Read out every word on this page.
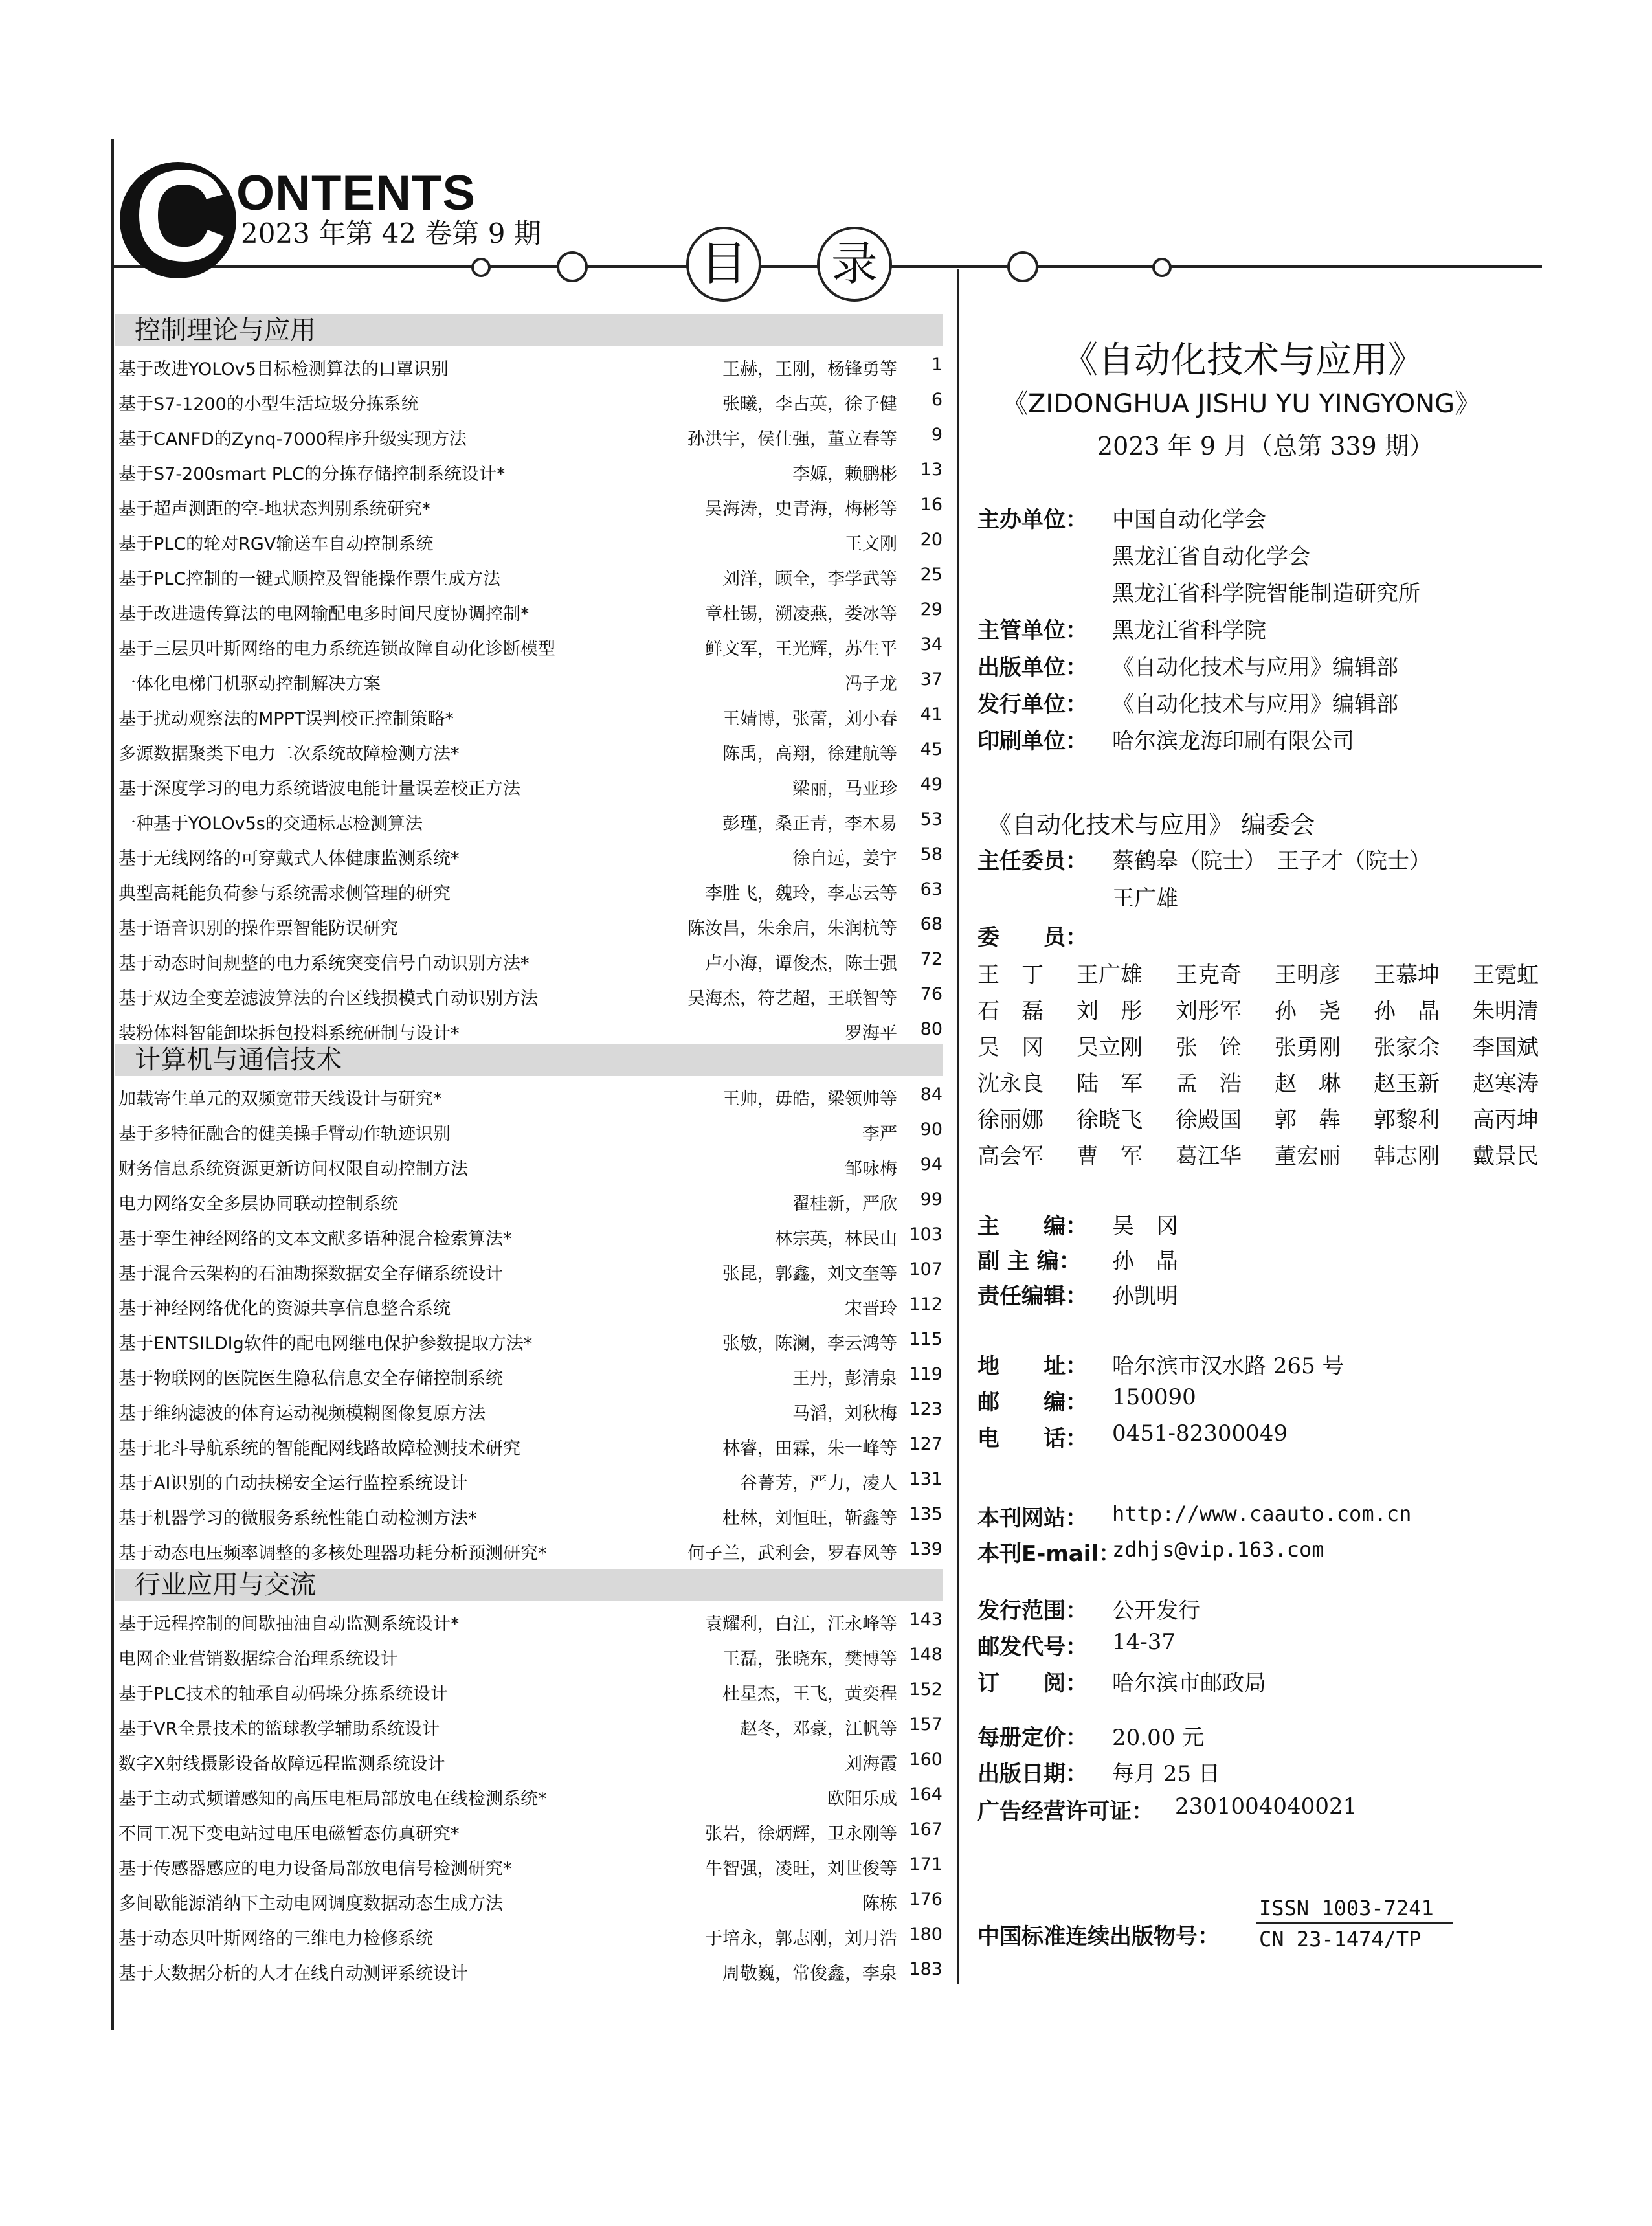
C ONTENTS
2023 年第 42 卷第 9 期
目	录
控制理论与应用
基于改进YOLOv5目标检测算法的口罩识别	王赫，王刚，杨锋勇等	1
基于S7-1200的小型生活垃圾分拣系统	张曦，李占英，徐子健	6
基于CANFD的Zynq-7000程序升级实现方法	孙洪宇，侯仕强，董立春等	9
基于S7-200smart PLC的分拣存储控制系统设计*	李嫄，赖鹏彬	13
基于超声测距的空-地状态判别系统研究*	吴海涛，史青海，梅彬等	16
基于PLC的轮对RGV输送车自动控制系统	王文刚	20
基于PLC控制的一键式顺控及智能操作票生成方法	刘洋，顾全，李学武等	25
基于改进遗传算法的电网输配电多时间尺度协调控制*	章杜锡，溯凌燕，娄冰等	29
基于三层贝叶斯网络的电力系统连锁故障自动化诊断模型	鲜文军，王光辉，苏生平	34
一体化电梯门机驱动控制解决方案	冯子龙	37
基于扰动观察法的MPPT误判校正控制策略*	王婧博，张蕾，刘小春	41
多源数据聚类下电力二次系统故障检测方法*	陈禹，高翔，徐建航等	45
基于深度学习的电力系统谐波电能计量误差校正方法	梁丽，马亚珍	49
一种基于YOLOv5s的交通标志检测算法	彭瑾，桑正青，李木易	53
基于无线网络的可穿戴式人体健康监测系统*	徐自远，姜宇	58
典型高耗能负荷参与系统需求侧管理的研究	李胜飞，魏玲，李志云等	63
基于语音识别的操作票智能防误研究	陈汝昌，朱余启，朱润杭等	68
基于动态时间规整的电力系统突变信号自动识别方法*	卢小海，谭俊杰，陈士强	72
基于双边全变差滤波算法的台区线损模式自动识别方法	吴海杰，符艺超，王联智等	76
装粉体料智能卸垛拆包投料系统研制与设计*	罗海平	80
计算机与通信技术
加载寄生单元的双频宽带天线设计与研究*	王帅，毋皓，梁领帅等	84
基于多特征融合的健美操手臂动作轨迹识别	李严	90
财务信息系统资源更新访问权限自动控制方法	邹咏梅	94
电力网络安全多层协同联动控制系统	翟桂新，严欣	99
基于孪生神经网络的文本文献多语种混合检索算法*	林宗英，林民山 103
基于混合云架构的石油勘探数据安全存储系统设计	张昆，郭鑫，刘文奎等 107
基于神经网络优化的资源共享信息整合系统	宋晋玲 112
基于ENTSILDIg软件的配电网继电保护参数提取方法*	张敏，陈澜，李云鸿等 115
基于物联网的医院医生隐私信息安全存储控制系统	王丹，彭清泉 119
基于维纳滤波的体育运动视频模糊图像复原方法	马滔，刘秋梅 123
基于北斗导航系统的智能配网线路故障检测技术研究	林睿，田霖，朱一峰等 127
基于AI识别的自动扶梯安全运行监控系统设计	谷菁芳，严力，凌人 131
基于机器学习的微服务系统性能自动检测方法*	杜林，刘恒旺，靳鑫等 135
基于动态电压频率调整的多核处理器功耗分析预测研究*	何子兰，武利会，罗春风等 139
行业应用与交流
基于远程控制的间歇抽油自动监测系统设计*	袁耀利，白江，汪永峰等 143
电网企业营销数据综合治理系统设计	王磊，张晓东，樊博等 148
基于PLC技术的轴承自动码垛分拣系统设计	杜星杰，王飞，黄奕程 152
基于VR全景技术的篮球教学辅助系统设计	赵冬，邓豪，江帆等 157
数字X射线摄影设备故障远程监测系统设计	刘海霞 160
基于主动式频谱感知的高压电柜局部放电在线检测系统*	欧阳乐成 164
不同工况下变电站过电压电磁暂态仿真研究*	张岩，徐炳辉，卫永刚等 167
基于传感器感应的电力设备局部放电信号检测研究*	牛智强，凌旺，刘世俊等 171
多间歇能源消纳下主动电网调度数据动态生成方法	陈栋 176
基于动态贝叶斯网络的三维电力检修系统	于培永，郭志刚，刘月浩 180
基于大数据分析的人才在线自动测评系统设计	周敬巍，常俊鑫，李泉 183
《自动化技术与应用》
《ZIDONGHUA JISHU YU YINGYONG》
2023 年 9 月（总第 339 期）
主办单位： 中国自动化学会
黑龙江省自动化学会
黑龙江省科学院智能制造研究所
主管单位： 黑龙江省科学院
出版单位： 《自动化技术与应用》编辑部
发行单位： 《自动化技术与应用》编辑部
印刷单位： 哈尔滨龙海印刷有限公司
《自动化技术与应用》 编委会
主任委员： 蔡鹤皋（院士）　王子才（院士）
王广雄
委　　员：
王　丁 王广雄 王克奇 王明彦 王慕坤 王霓虹
石　磊 刘　彤 刘彤军 孙　尧 孙　晶 朱明清
吴　冈 吴立刚 张　铨 张勇刚 张家余 李国斌
沈永良 陆　军 孟　浩 赵　琳 赵玉新 赵寒涛
徐丽娜 徐晓飞 徐殿国 郭　犇 郭黎利 高丙坤
高会军 曹　军 葛江华 董宏丽 韩志刚 戴景民
主　　编： 吴　冈
副 主 编： 孙　晶
责任编辑： 孙凯明
地　　址： 哈尔滨市汉水路 265 号
邮　　编： 150090
电　　话： 0451-82300049
本刊网站： http://www.caauto.com.cn
本刊E-mail：
zdhjs@vip.163.com
发行范围： 公开发行
邮发代号： 14-37
订　　阅： 哈尔滨市邮政局
每册定价： 20.00 元
出版日期： 每月 25 日
广告经营许可证： 2301004040021
中国标准连续出版物号：
ISSN 1003-7241
CN 23-1474/TP
